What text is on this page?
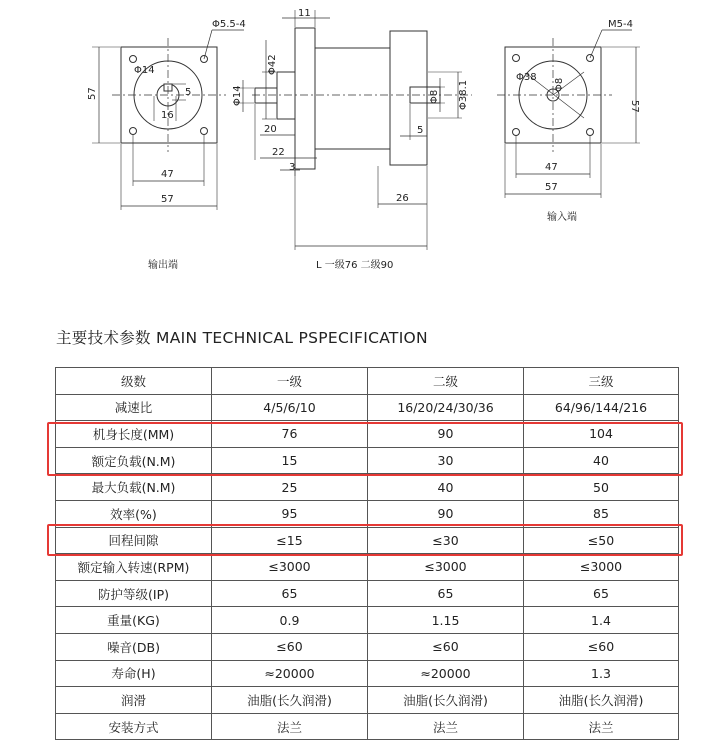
Φ5.5-4
Φ14
5
16
57
47
57
输出端
11
Φ42
Φ14
20
22
3
Φ8 Φ38.1
5
26
L 一级76 二级90
M5-4
Φ38
Φ8
57
47
57
输入端
主要技术参数 MAIN TECHNICAL PSPECIFICATION
级数	一级	二级	三级
减速比	4/5/6/10	16/20/24/30/36	64/96/144/216
机身长度(MM)	76	90	104
额定负载(N.M)	15	30	40
最大负载(N.M)	25	40	50
效率(%)	95	90	85
回程间隙	≤15	≤30	≤50
额定输入转速(RPM)	≤3000	≤3000	≤3000
防护等级(IP)	65	65	65
重量(KG)	0.9	1.15	1.4
噪音(DB)	≤60	≤60	≤60
寿命(H)	≈20000	≈20000	1.3
润滑	油脂(长久润滑)	油脂(长久润滑)	油脂(长久润滑)
安装方式	法兰	法兰	法兰
